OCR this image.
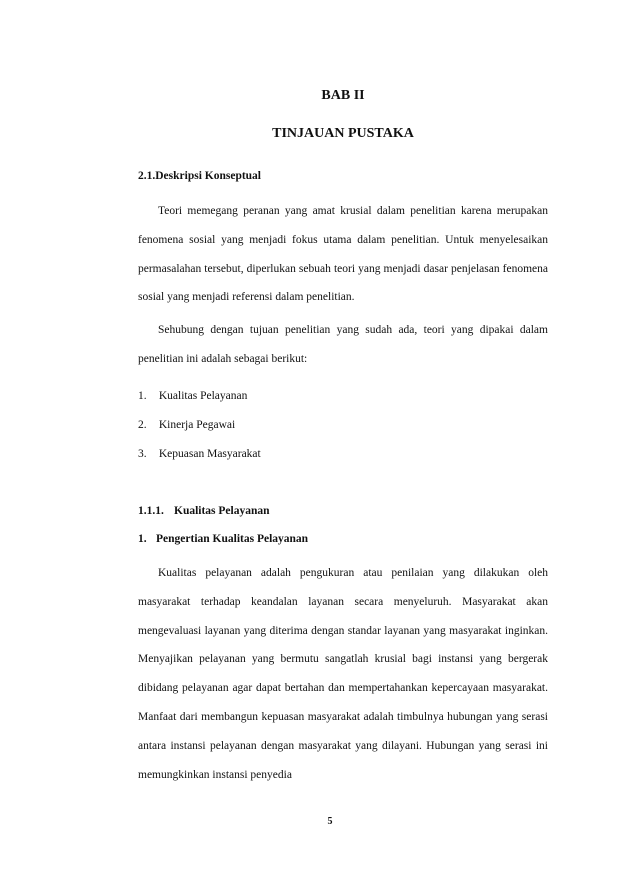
BAB II
TINJAUAN PUSTAKA

2.1.Deskripsi Konseptual

Teori memegang peranan yang amat krusial dalam penelitian karena merupakan fenomena sosial yang menjadi fokus utama dalam penelitian. Untuk menyelesaikan permasalahan tersebut, diperlukan sebuah teori yang menjadi dasar penjelasan fenomena sosial yang menjadi referensi dalam penelitian.

Sehubung dengan tujuan penelitian yang sudah ada, teori yang dipakai dalam penelitian ini adalah sebagai berikut:

1. Kualitas Pelayanan
2. Kinerja Pegawai
3. Kepuasan Masyarakat

1.1.1. Kualitas Pelayanan

1. Pengertian Kualitas Pelayanan

Kualitas pelayanan adalah pengukuran atau penilaian yang dilakukan oleh masyarakat terhadap keandalan layanan secara menyeluruh. Masyarakat akan mengevaluasi layanan yang diterima dengan standar layanan yang masyarakat inginkan. Menyajikan pelayanan yang bermutu sangatlah krusial bagi instansi yang bergerak dibidang pelayanan agar dapat bertahan dan mempertahankan kepercayaan masyarakat. Manfaat dari membangun kepuasan masyarakat adalah timbulnya hubungan yang serasi antara instansi pelayanan dengan masyarakat yang dilayani. Hubungan yang serasi ini memungkinkan instansi penyedia

5
